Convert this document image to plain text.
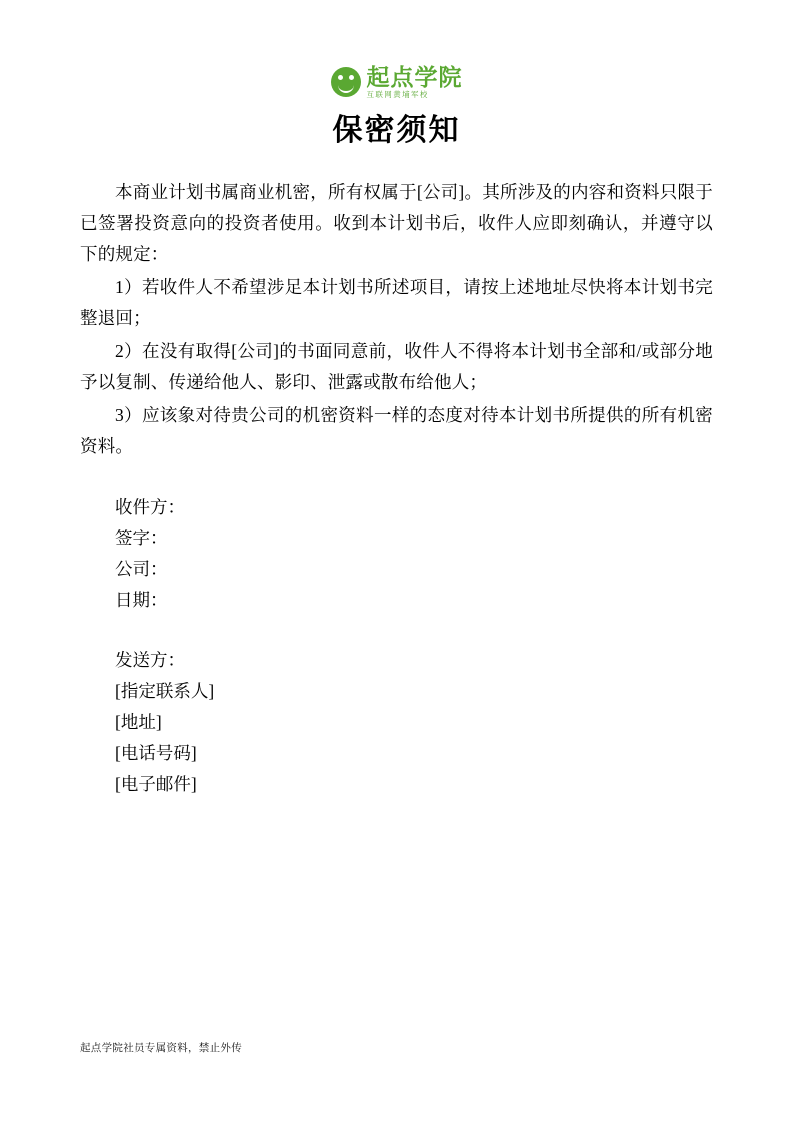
起点学院
互联网黄埔军校
保密须知

本商业计划书属商业机密，所有权属于[公司]。其所涉及的内容和资料只限于已签署投资意向的投资者使用。收到本计划书后，收件人应即刻确认，并遵守以下的规定：

1）若收件人不希望涉足本计划书所述项目，请按上述地址尽快将本计划书完整退回；

2）在没有取得[公司]的书面同意前，收件人不得将本计划书全部和/或部分地予以复制、传递给他人、影印、泄露或散布给他人；

3）应该象对待贵公司的机密资料一样的态度对待本计划书所提供的所有机密资料。

收件方：

签字：

公司：

日期：

发送方：

[指定联系人]

[地址]

[电话号码]

[电子邮件]

起点学院社员专属资料，禁止外传
